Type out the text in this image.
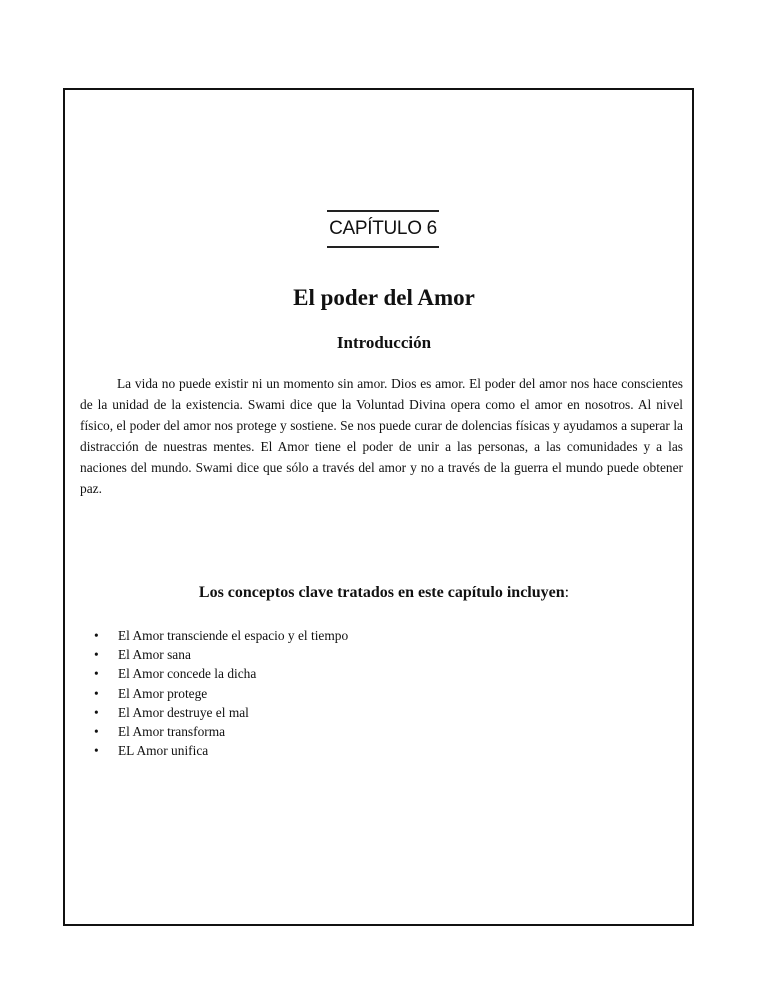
CAPÍTULO 6
El poder del Amor
Introducción

La vida no puede existir ni un momento sin amor. Dios es amor. El poder del amor nos hace conscientes de la unidad de la existencia. Swami dice que la Voluntad Divina opera como el amor en nosotros. Al nivel físico, el poder del amor nos protege y sostiene. Se nos puede curar de dolencias físicas y ayudamos a superar la distracción de nuestras mentes. El Amor tiene el poder de unir a las personas, a las comunidades y a las naciones del mundo. Swami dice que sólo a través del amor y no a través de la guerra el mundo puede obtener paz.

Los conceptos clave tratados en este capítulo incluyen:
• El Amor transciende el espacio y el tiempo
• El Amor sana
• El Amor concede la dicha
• El Amor protege
• El Amor destruye el mal
• El Amor transforma
• EL Amor unifica
